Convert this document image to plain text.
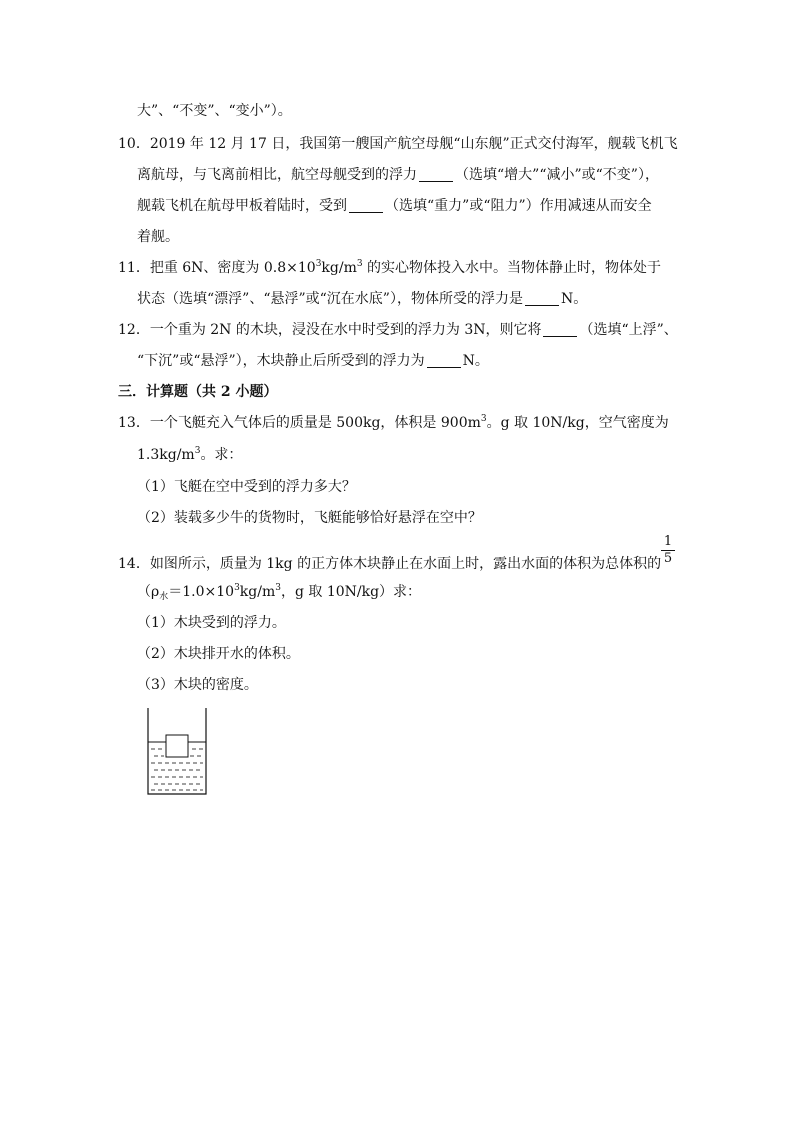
大”、“不变”、“变小”）。
10．2019 年 12 月 17 日，我国第一艘国产航空母舰“山东舰”正式交付海军，舰载飞机飞
离航母，与飞离前相比，航空母舰受到的浮力	（选填“增大”“减小”或“不变”），
舰载飞机在航母甲板着陆时，受到	（选填“重力”或“阻力”）作用减速从而安全
着舰。
11．把重 6N、密度为 $0.8\times 10^3kg/m^3$ 的实心物体投入水中。当物体静止时，物体处于
状态（选填“漂浮”、“悬浮”或“沉在水底”），物体所受的浮力是	N。
12．一个重为 2N 的木块，浸没在水中时受到的浮力为 3N，则它将	（选填“上浮”、
“下沉”或“悬浮”），木块静止后所受到的浮力为	N。
三．计算题（共 2 小题）
13．一个飞艇充入气体后的质量是 500kg，体积是 $900m^3$。g 取 10N/kg，空气密度为
$1.3kg/m^3$。求：
（1）飞艇在空中受到的浮力多大？
（2）装载多少牛的货物时，飞艇能够恰好悬浮在空中？
14．如图所示，质量为 1kg 的正方体木块静止在水面上时，露出水面的体积为总体积的
1
5
（$\rho_水=1.0\times 10^3kg/m^3$，g 取 10N/kg）求：
（1）木块受到的浮力。
（2）木块排开水的体积。
（3）木块的密度。
